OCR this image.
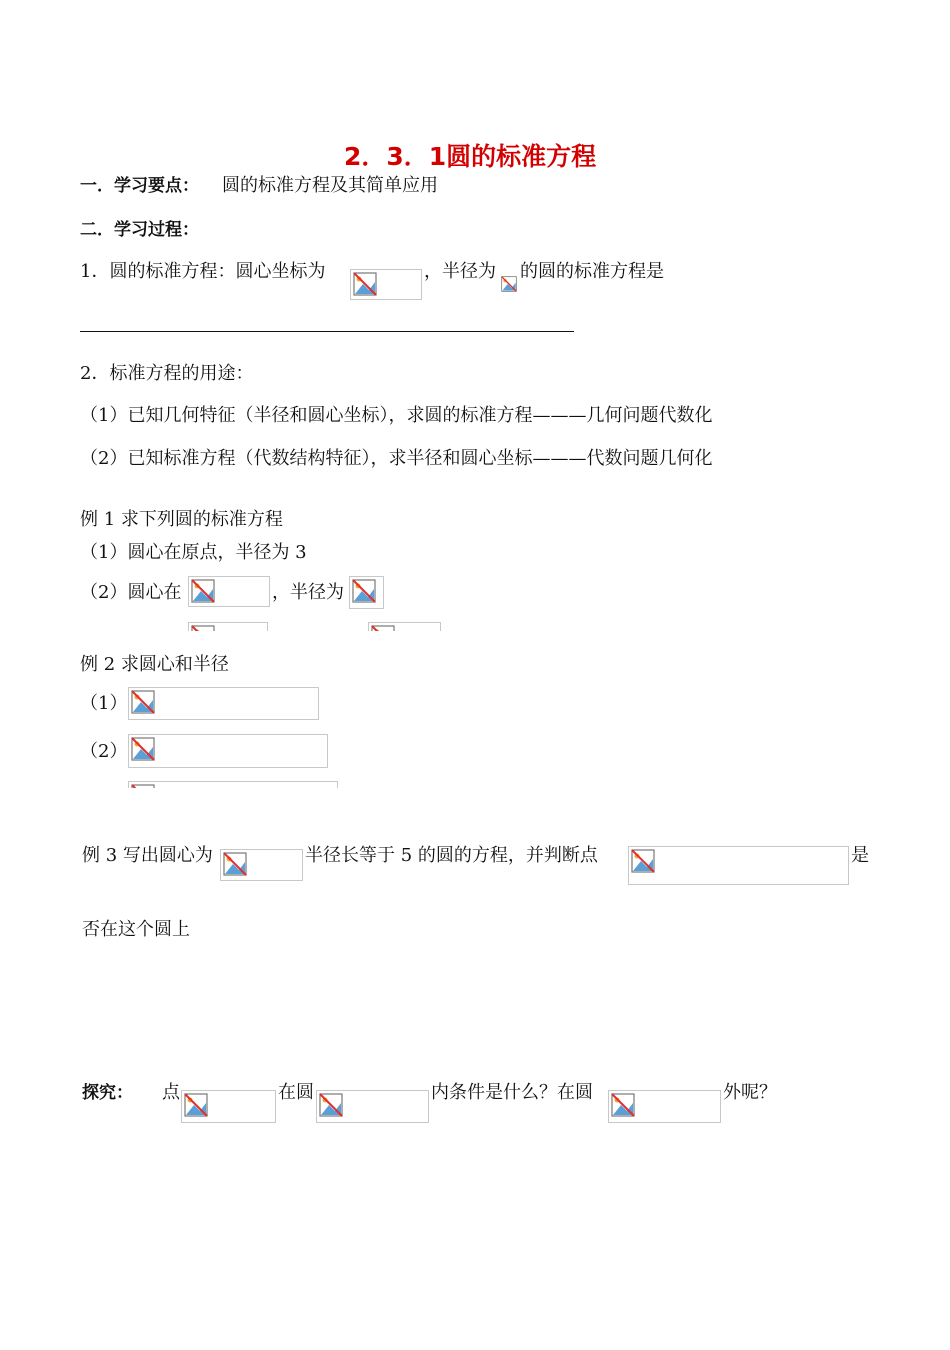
2．3．1圆的标准方程
一．学习要点： 圆的标准方程及其简单应用
二．学习过程：
1．圆的标准方程：圆心坐标为	，半径为 的圆的标准方程是
2．标准方程的用途：
（1）已知几何特征（半径和圆心坐标），求圆的标准方程———几何问题代数化
（2）已知标准方程（代数结构特征），求半径和圆心坐标———代数问题几何化
例 1 求下列圆的标准方程
（1）圆心在原点，半径为 3
（2）圆心在	，半径为
例 2 求圆心和半径
（1）
（2）
例 3 写出圆心为	半径长等于 5 的圆的方程，并判断点	是
否在这个圆上
探究： 点	在圆	内条件是什么？在圆	外呢？
